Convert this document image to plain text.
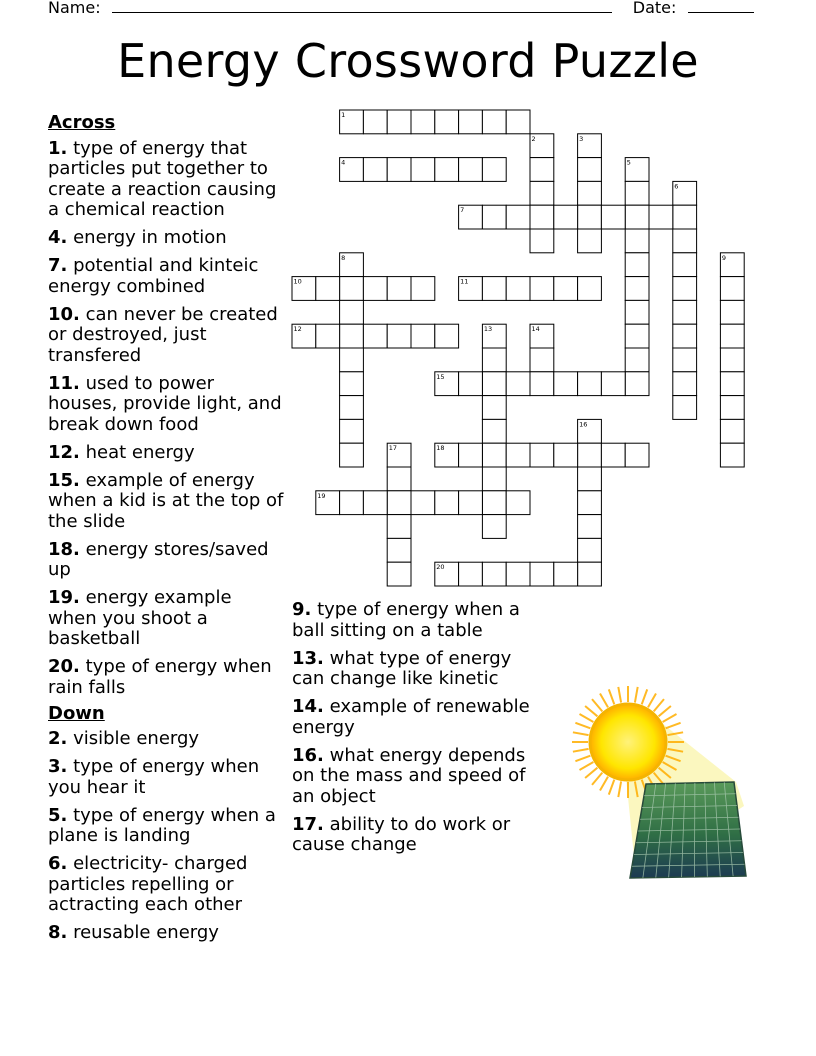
Name:	Date:
Energy Crossword Puzzle

Across

1. type of energy that particles put together to create a reaction causing a chemical reaction

4. energy in motion

7. potential and kinteic energy combined

10. can never be created or destroyed, just transfered

11. used to power houses, provide light, and break down food

12. heat energy

15. example of energy when a kid is at the top of the slide

18. energy stores/saved up

19. energy example when you shoot a basketball

20. type of energy when rain falls

Down

2. visible energy

3. type of energy when you hear it

5. type of energy when a plane is landing

6. electricity- charged particles repelling or actracting each other

8. reusable energy

9. type of energy when a ball sitting on a table

13. what type of energy can change like kinetic

14. example of renewable energy

16. what energy depends on the mass and speed of an object

17. ability to do work or cause change

1
2	3
4	5
6
7
8	9
10	11
12	13	14
15
16
17	18
19
20
